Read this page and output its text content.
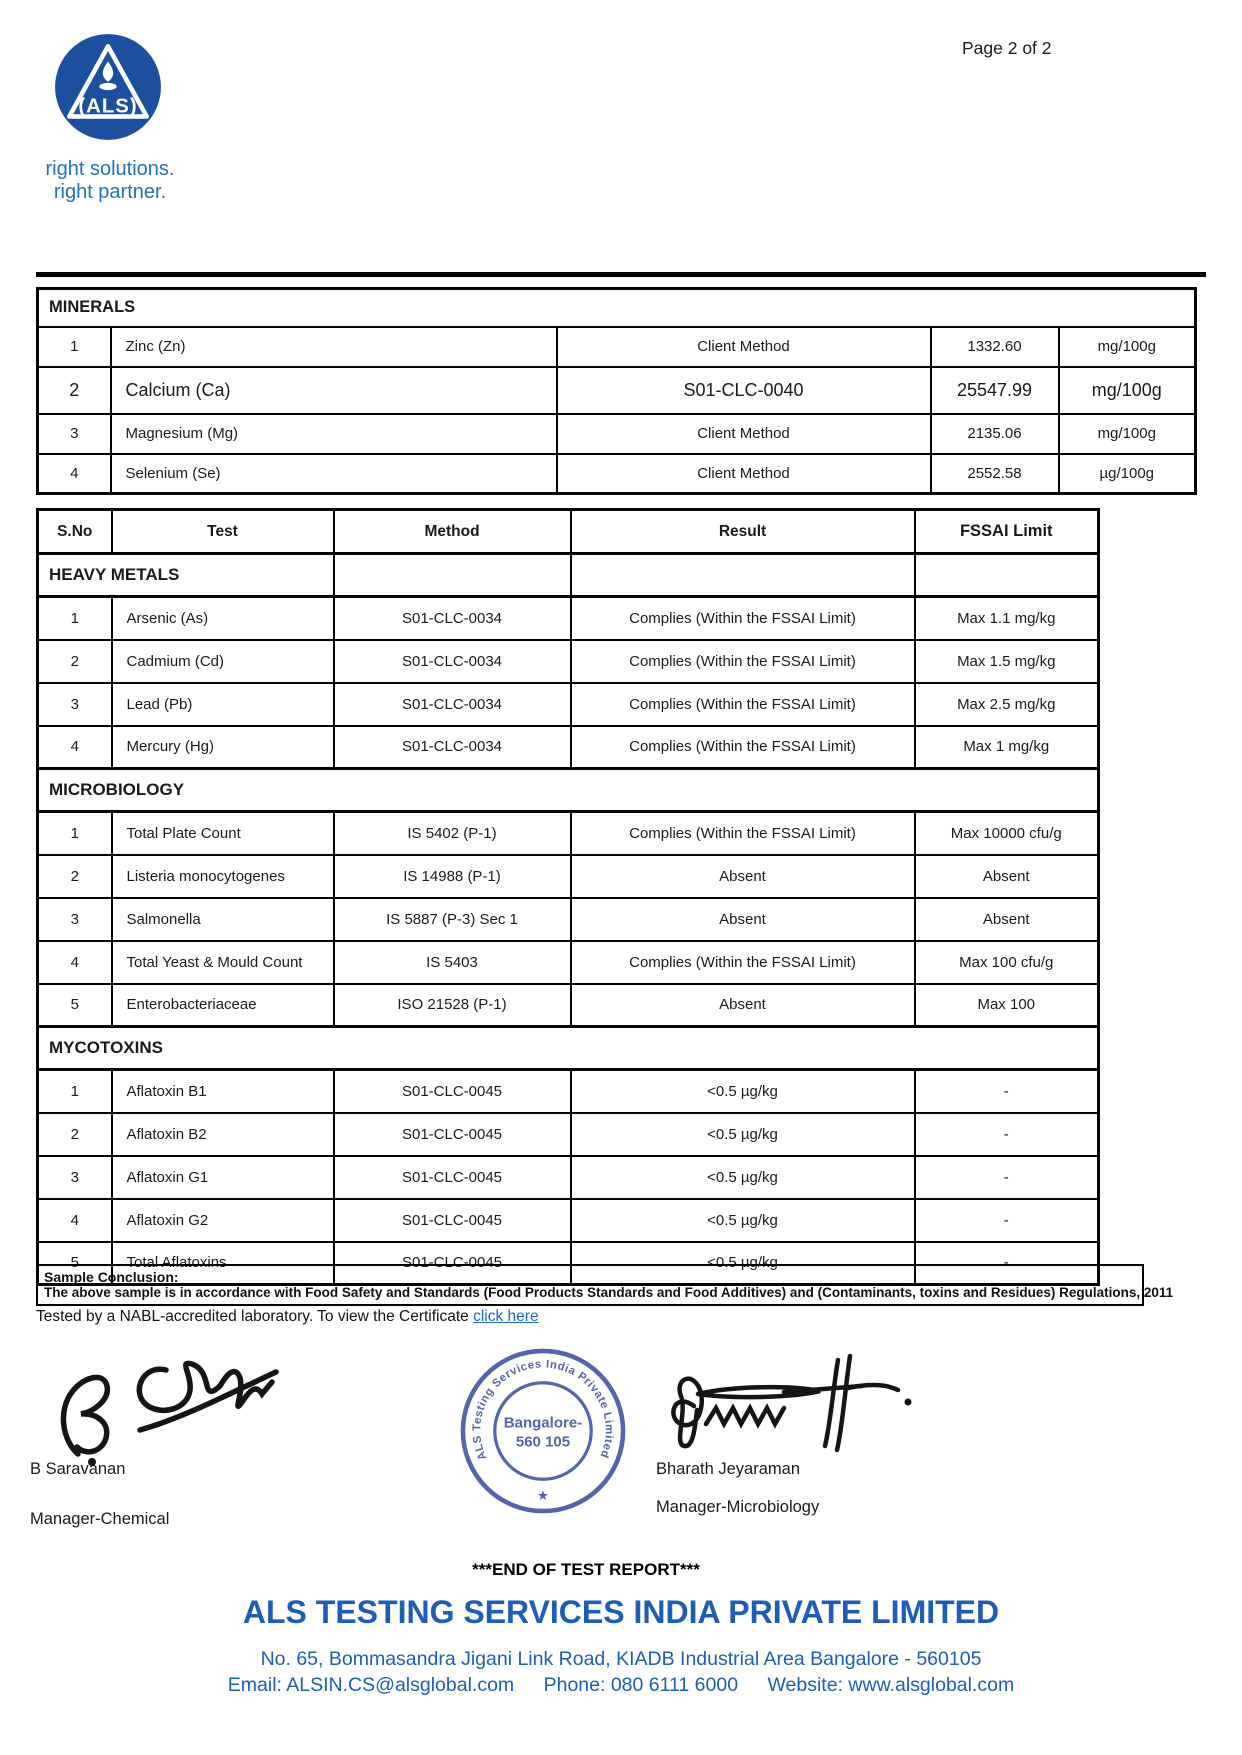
(ALS)
right solutions.
right partner.
Page 2 of 2
MINERALS				
1	Zinc (Zn)	Client Method	1332.60	mg/100g
2	Calcium (Ca)	S01-CLC-0040	25547.99	mg/100g
3	Magnesium (Mg)	Client Method	2135.06	mg/100g
4	Selenium (Se)	Client Method	2552.58	µg/100g
S.No	Test	Method	Result	FSSAI Limit
HEAVY METALS				
1	Arsenic (As)	S01-CLC-0034	Complies (Within the FSSAI Limit)	Max 1.1 mg/kg
2	Cadmium (Cd)	S01-CLC-0034	Complies (Within the FSSAI Limit)	Max 1.5 mg/kg
3	Lead (Pb)	S01-CLC-0034	Complies (Within the FSSAI Limit)	Max 2.5 mg/kg
4	Mercury (Hg)	S01-CLC-0034	Complies (Within the FSSAI Limit)	Max 1 mg/kg
MICROBIOLOGY				
1	Total Plate Count	IS 5402 (P-1)	Complies (Within the FSSAI Limit)	Max 10000 cfu/g
2	Listeria monocytogenes	IS 14988 (P-1)	Absent	Absent
3	Salmonella	IS 5887 (P-3) Sec 1	Absent	Absent
4	Total Yeast & Mould Count	IS 5403	Complies (Within the FSSAI Limit)	Max 100 cfu/g
5	Enterobacteriaceae	ISO 21528 (P-1)	Absent	Max 100
MYCOTOXINS				
1	Aflatoxin B1	S01-CLC-0045	<0.5 µg/kg	-
2	Aflatoxin B2	S01-CLC-0045	<0.5 µg/kg	-
3	Aflatoxin G1	S01-CLC-0045	<0.5 µg/kg	-
4	Aflatoxin G2	S01-CLC-0045	<0.5 µg/kg	-
5	Total Aflatoxins	S01-CLC-0045	<0.5 µg/kg	-
Sample Conclusion:
The above sample is in accordance with Food Safety and Standards (Food Products Standards and Food Additives) and (Contaminants, toxins and Residues) Regulations, 2011
Tested by a NABL-accredited laboratory. To view the Certificate click here
B Saravanan
Manager-Chemical
ALS Testing Services India Private Limited
Bangalore-
560 105
★
Bharath Jeyaraman
Manager-Microbiology
***END OF TEST REPORT***
ALS TESTING SERVICES INDIA PRIVATE LIMITED
No. 65, Bommasandra Jigani Link Road, KIADB Industrial Area Bangalore - 560105
Email: ALSIN.CS@alsglobal.com Phone: 080 6111 6000 Website: www.alsglobal.com
